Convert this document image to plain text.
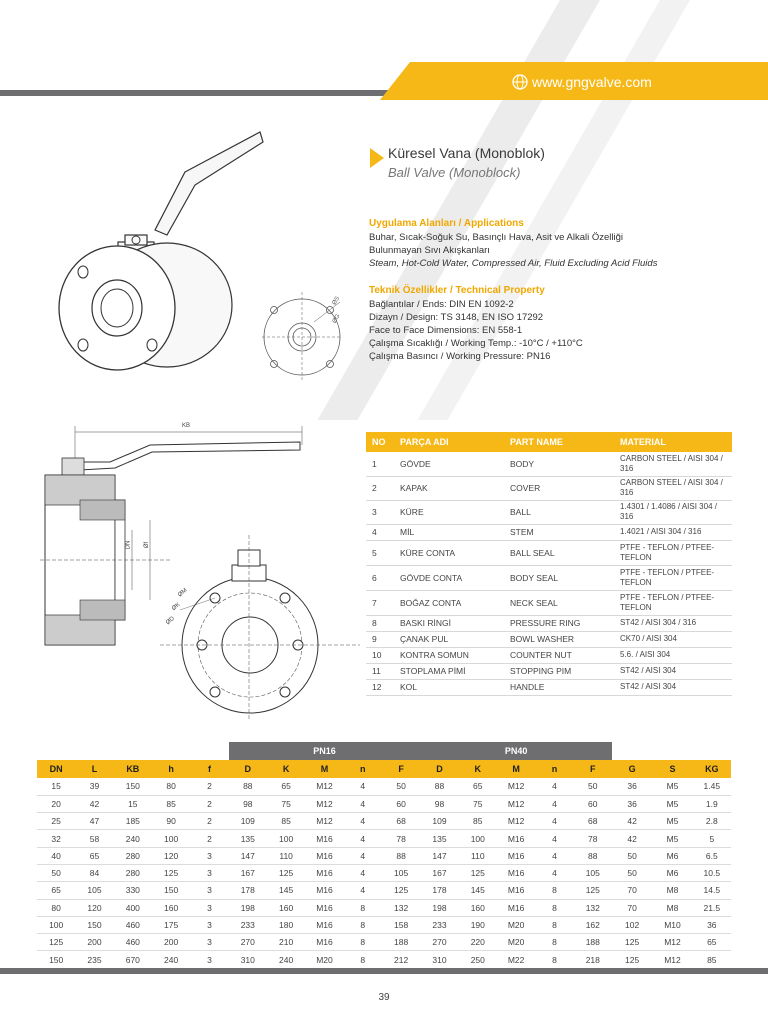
www.gngvalve.com
ØS
ØG
Küresel Vana (Monoblok)
Ball Valve (Monoblock)
Uygulama Alanları / Applications
Buhar, Sıcak-Soğuk Su, Basınçlı Hava, Asit ve Alkali Özelliği
Bulunmayan Sıvı Akışkanları
Steam, Hot-Cold Water, Compressed Air, Fluid Excluding Acid Fluids
Teknik Özellikler / Technical Property
Bağlantılar / Ends: DIN EN 1092-2
Dizayn / Design: TS 3148, EN ISO 17292
Face to Face Dimensions: EN 558-1
Çalışma Sıcaklığı / Working Temp.: -10°C / +110°C
Çalışma Basıncı / Working Pressure: PN16
KB
DN Øf
ØM
ØK
ØD
NO	PARÇA ADI	PART NAME	MATERIAL
1	GÖVDE	BODY	CARBON STEEL / AISI 304 / 316
2	KAPAK	COVER	CARBON STEEL / AISI 304 / 316
3	KÜRE	BALL	1.4301 / 1.4086 / AISI 304 / 316
4	MİL	STEM	1.4021 / AISI 304 / 316
5	KÜRE CONTA	BALL SEAL	PTFE - TEFLON / PTFEE-TEFLON
6	GÖVDE CONTA	BODY SEAL	PTFE - TEFLON / PTFEE-TEFLON
7	BOĞAZ CONTA	NECK SEAL	PTFE - TEFLON / PTFEE-TEFLON
8	BASKI RİNGİ	PRESSURE RING	ST42 / AISI 304 / 316
9	ÇANAK PUL	BOWL WASHER	CK70 / AISI 304
10	KONTRA SOMUN	COUNTER NUT	5.6. / AISI 304
11	STOPLAMA PİMİ	STOPPING PIM	ST42 / AISI 304
12	KOL	HANDLE	ST42 / AISI 304
					PN16					PN40							
DN	L	KB	h	f	D	K	M	n	F	D	K	M	n	F	G	S	KG
15	39	150	80	2	88	65	M12	4	50	88	65	M12	4	50	36	M5	1.45
20	42	15	85	2	98	75	M12	4	60	98	75	M12	4	60	36	M5	1.9
25	47	185	90	2	109	85	M12	4	68	109	85	M12	4	68	42	M5	2.8
32	58	240	100	2	135	100	M16	4	78	135	100	M16	4	78	42	M5	5
40	65	280	120	3	147	110	M16	4	88	147	110	M16	4	88	50	M6	6.5
50	84	280	125	3	167	125	M16	4	105	167	125	M16	4	105	50	M6	10.5
65	105	330	150	3	178	145	M16	4	125	178	145	M16	8	125	70	M8	14.5
80	120	400	160	3	198	160	M16	8	132	198	160	M16	8	132	70	M8	21.5
100	150	460	175	3	233	180	M16	8	158	233	190	M20	8	162	102	M10	36
125	200	460	200	3	270	210	M16	8	188	270	220	M20	8	188	125	M12	65
150	235	670	240	3	310	240	M20	8	212	310	250	M22	8	218	125	M12	85
39
